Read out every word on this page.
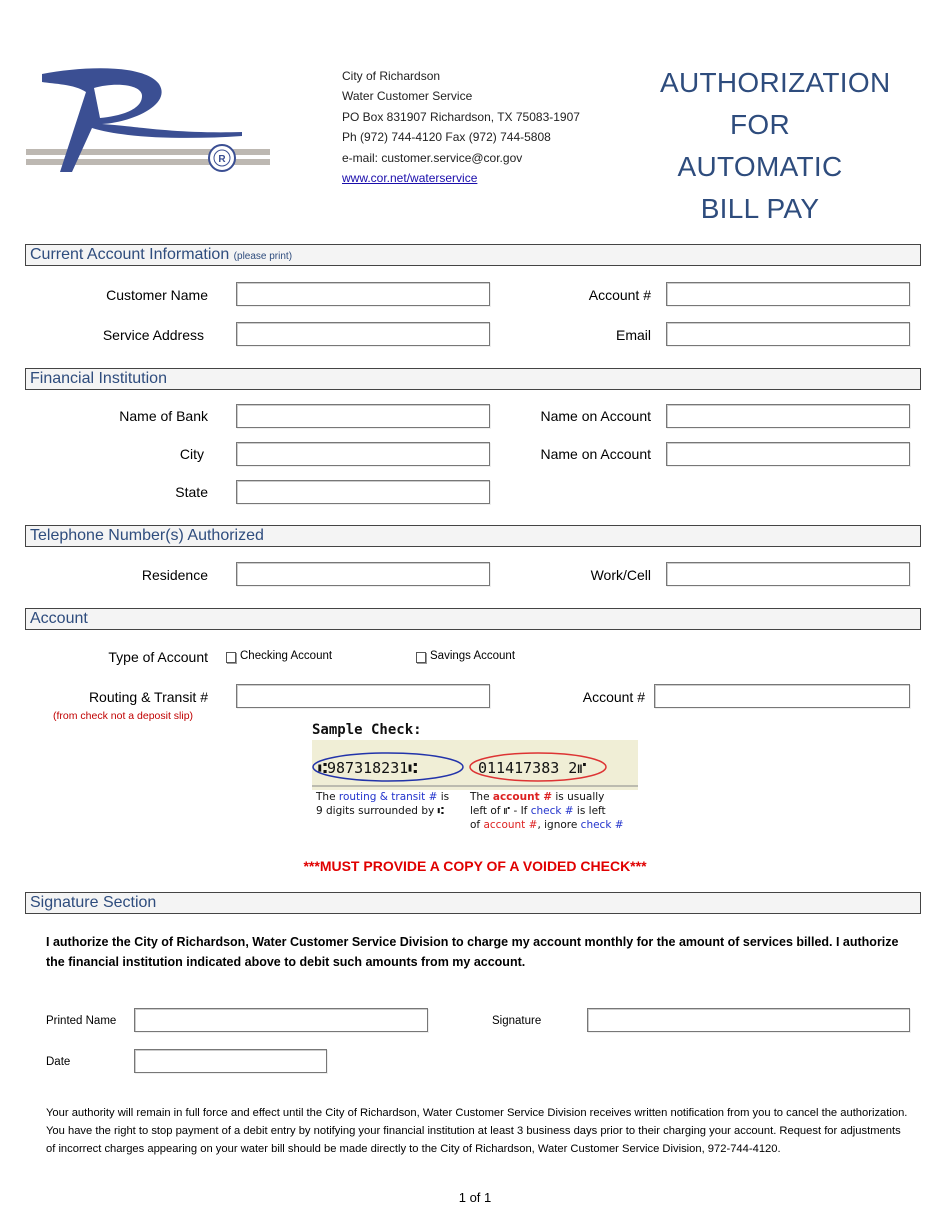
R
City of Richardson
Water Customer Service
PO Box 831907 Richardson, TX 75083-1907
Ph (972) 744-4120 Fax (972) 744-5808
e-mail: customer.service@cor.gov
www.cor.net/waterservice
AUTHORIZATION
FOR AUTOMATIC
BILL PAY
Current Account Information (please print)
Customer Name	Account #
Service Address	Email
Financial Institution
Name of Bank	Name on Account
City	Name on Account
State
Telephone Number(s) Authorized
Residence	Work/Cell
Account
Type of Account	Checking Account	Savings Account
Routing & Transit #
(from check not a deposit slip)
Account #
Sample Check:
⑆987318231⑆	011417383 2⑈
The routing & transit # is
9 digits surrounded by ⑆
The account # is usually
left of ⑈ - If check # is left
of account #, ignore check #
***MUST PROVIDE A COPY OF A VOIDED CHECK***
Signature Section
I authorize the City of Richardson, Water Customer Service Division to charge my account monthly for the amount of services billed. I authorize the financial institution indicated above to debit such amounts from my account.
Printed Name	Signature
Date
Your authority will remain in full force and effect until the City of Richardson, Water Customer Service Division receives written notification from you to cancel the authorization. You have the right to stop payment of a debit entry by notifying your financial institution at least 3 business days prior to their charging your account. Request for adjustments of incorrect charges appearing on your water bill should be made directly to the City of Richardson, Water Customer Service Division, 972-744-4120.
1 of 1
